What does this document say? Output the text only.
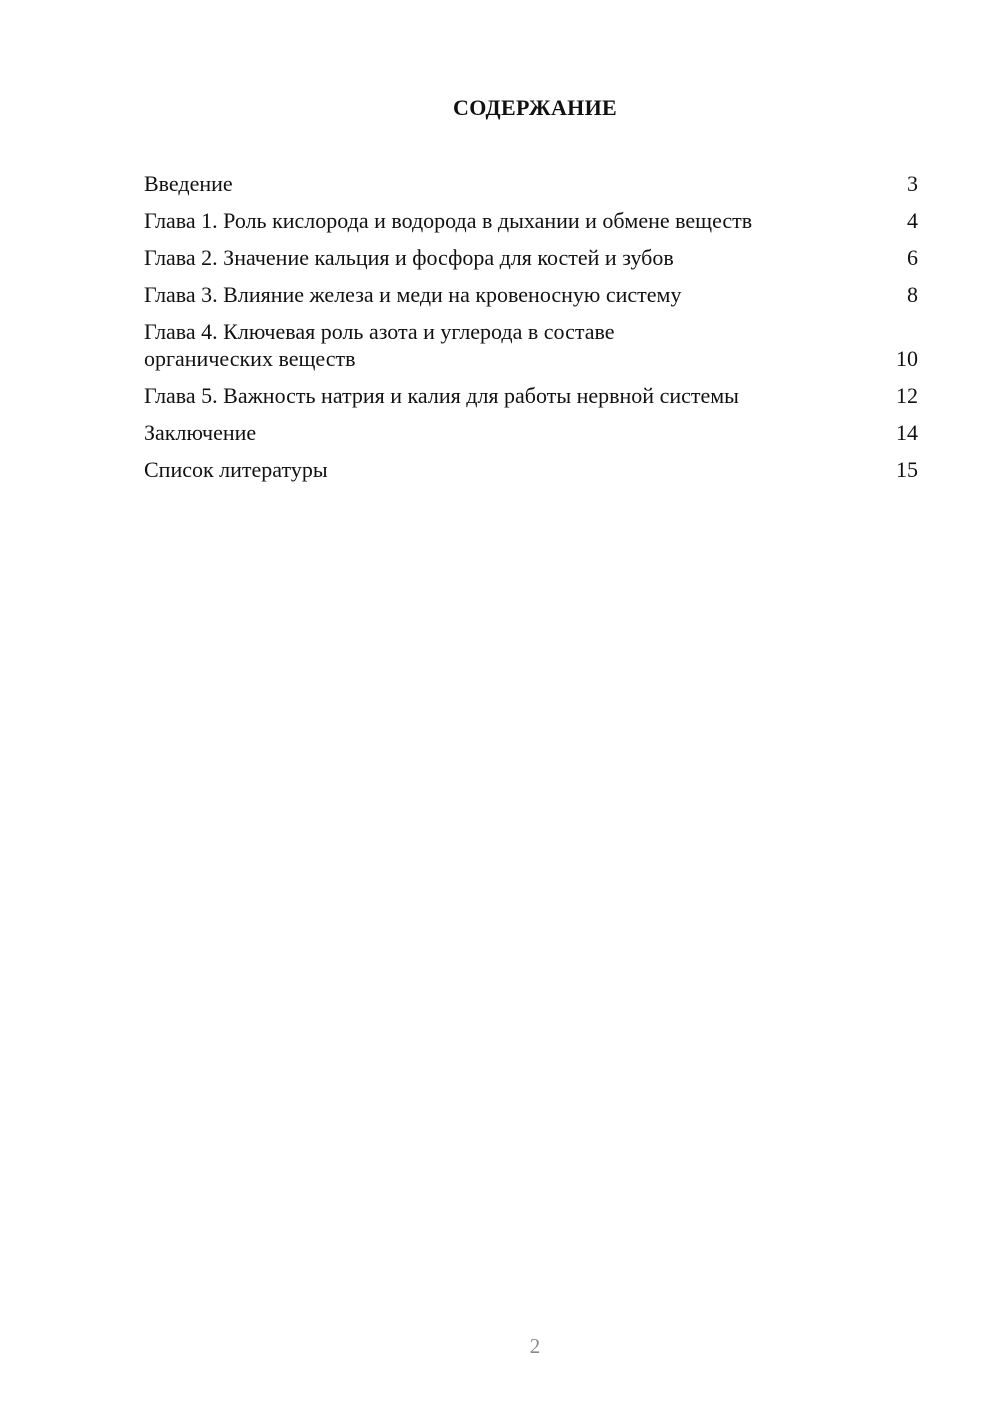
СОДЕРЖАНИЕ
Введение	3
Глава 1. Роль кислорода и водорода в дыхании и обмене веществ	4
Глава 2. Значение кальция и фосфора для костей и зубов	6
Глава 3. Влияние железа и меди на кровеносную систему	8
Глава 4. Ключевая роль азота и углерода в составе органических веществ	10
Глава 5. Важность натрия и калия для работы нервной системы	12
Заключение	14
Список литературы	15
2
